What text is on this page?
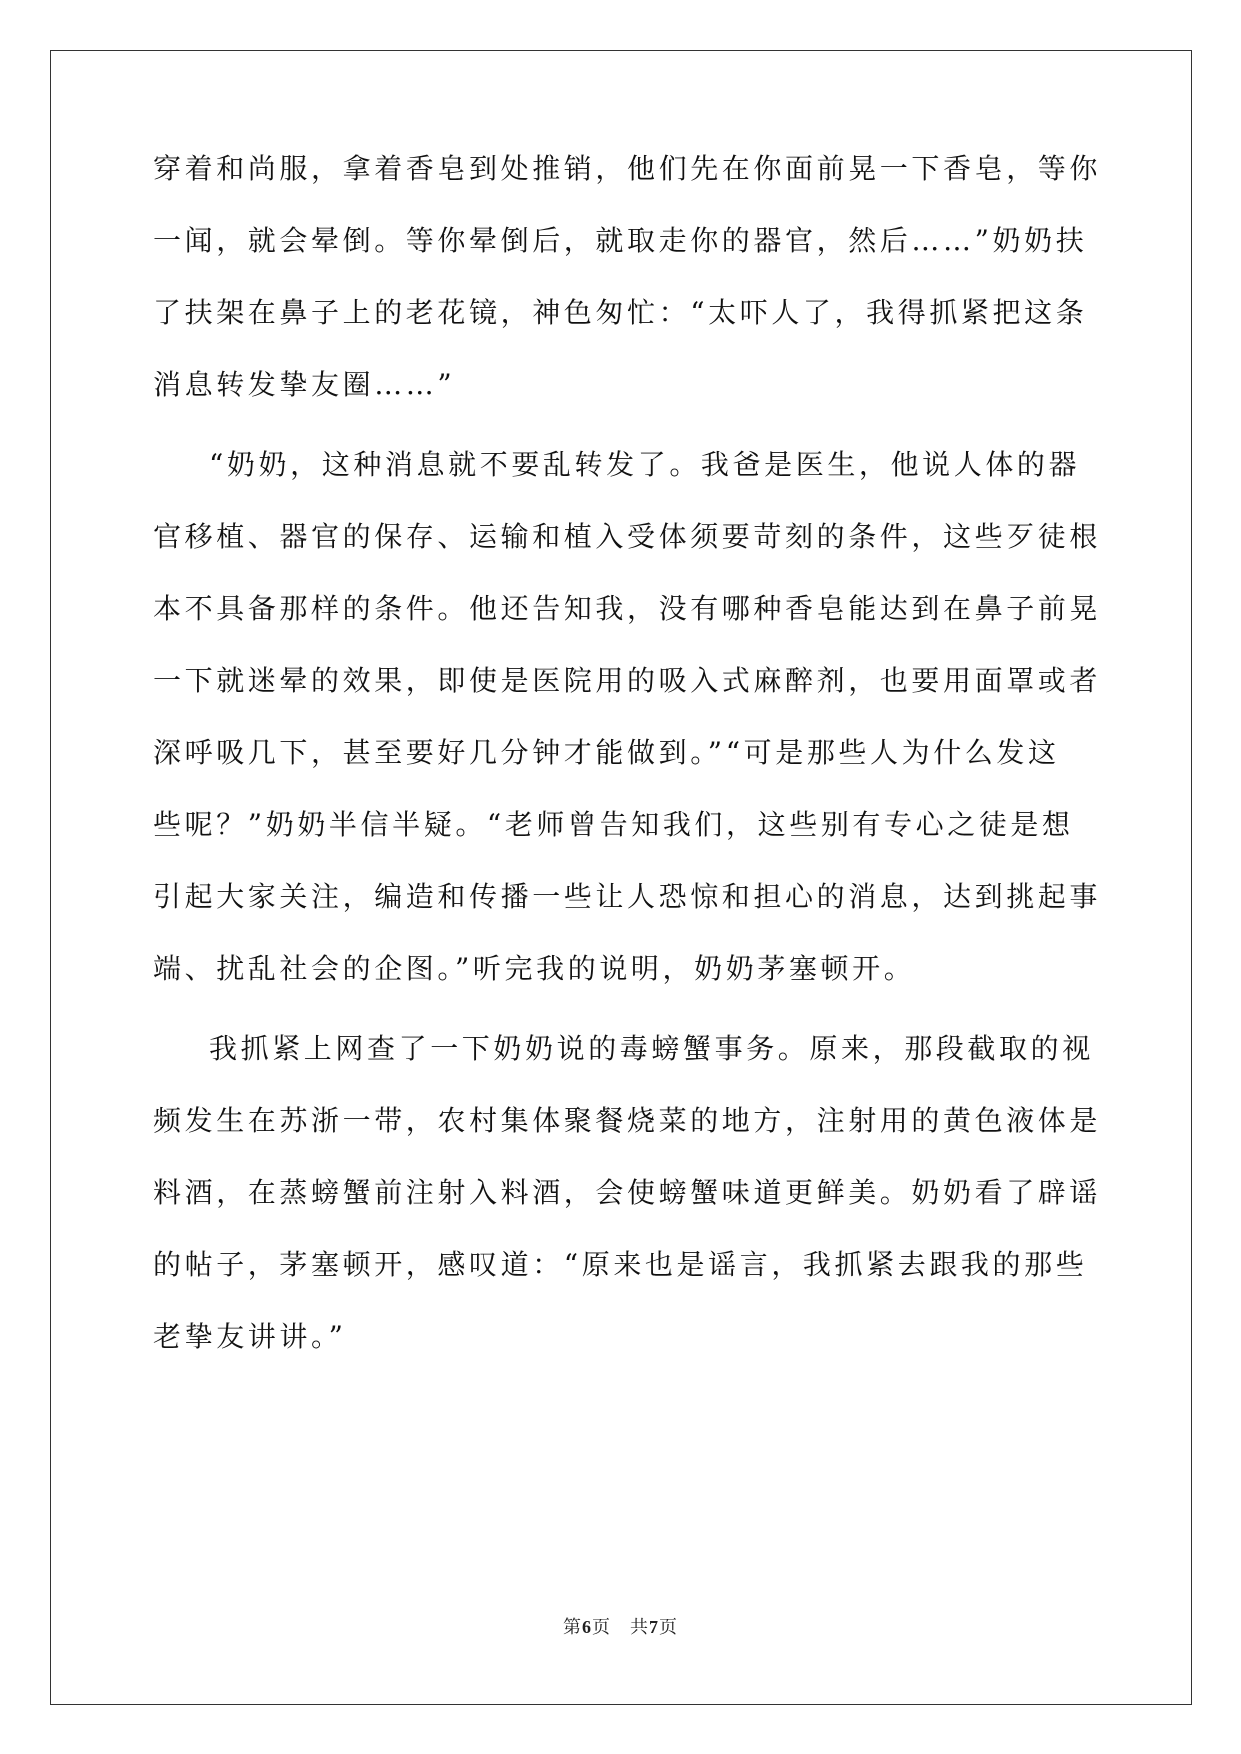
穿着和尚服，拿着香皂到处推销，他们先在你面前晃一下香皂，等你
一闻，就会晕倒。等你晕倒后，就取走你的器官，然后……”奶奶扶
了扶架在鼻子上的老花镜，神色匆忙：“太吓人了，我得抓紧把这条
消息转发挚友圈……”
“奶奶，这种消息就不要乱转发了。我爸是医生，他说人体的器
官移植、器官的保存、运输和植入受体须要苛刻的条件，这些歹徒根
本不具备那样的条件。他还告知我，没有哪种香皂能达到在鼻子前晃
一下就迷晕的效果，即使是医院用的吸入式麻醉剂，也要用面罩或者
深呼吸几下，甚至要好几分钟才能做到。”“可是那些人为什么发这
些呢？”奶奶半信半疑。“老师曾告知我们，这些别有专心之徒是想
引起大家关注，编造和传播一些让人恐惊和担心的消息，达到挑起事
端、扰乱社会的企图。”听完我的说明，奶奶茅塞顿开。
我抓紧上网查了一下奶奶说的毒螃蟹事务。原来，那段截取的视
频发生在苏浙一带，农村集体聚餐烧菜的地方，注射用的黄色液体是
料酒，在蒸螃蟹前注射入料酒，会使螃蟹味道更鲜美。奶奶看了辟谣
的帖子，茅塞顿开，感叹道：“原来也是谣言，我抓紧去跟我的那些
老挚友讲讲。”
第6页　共7页
